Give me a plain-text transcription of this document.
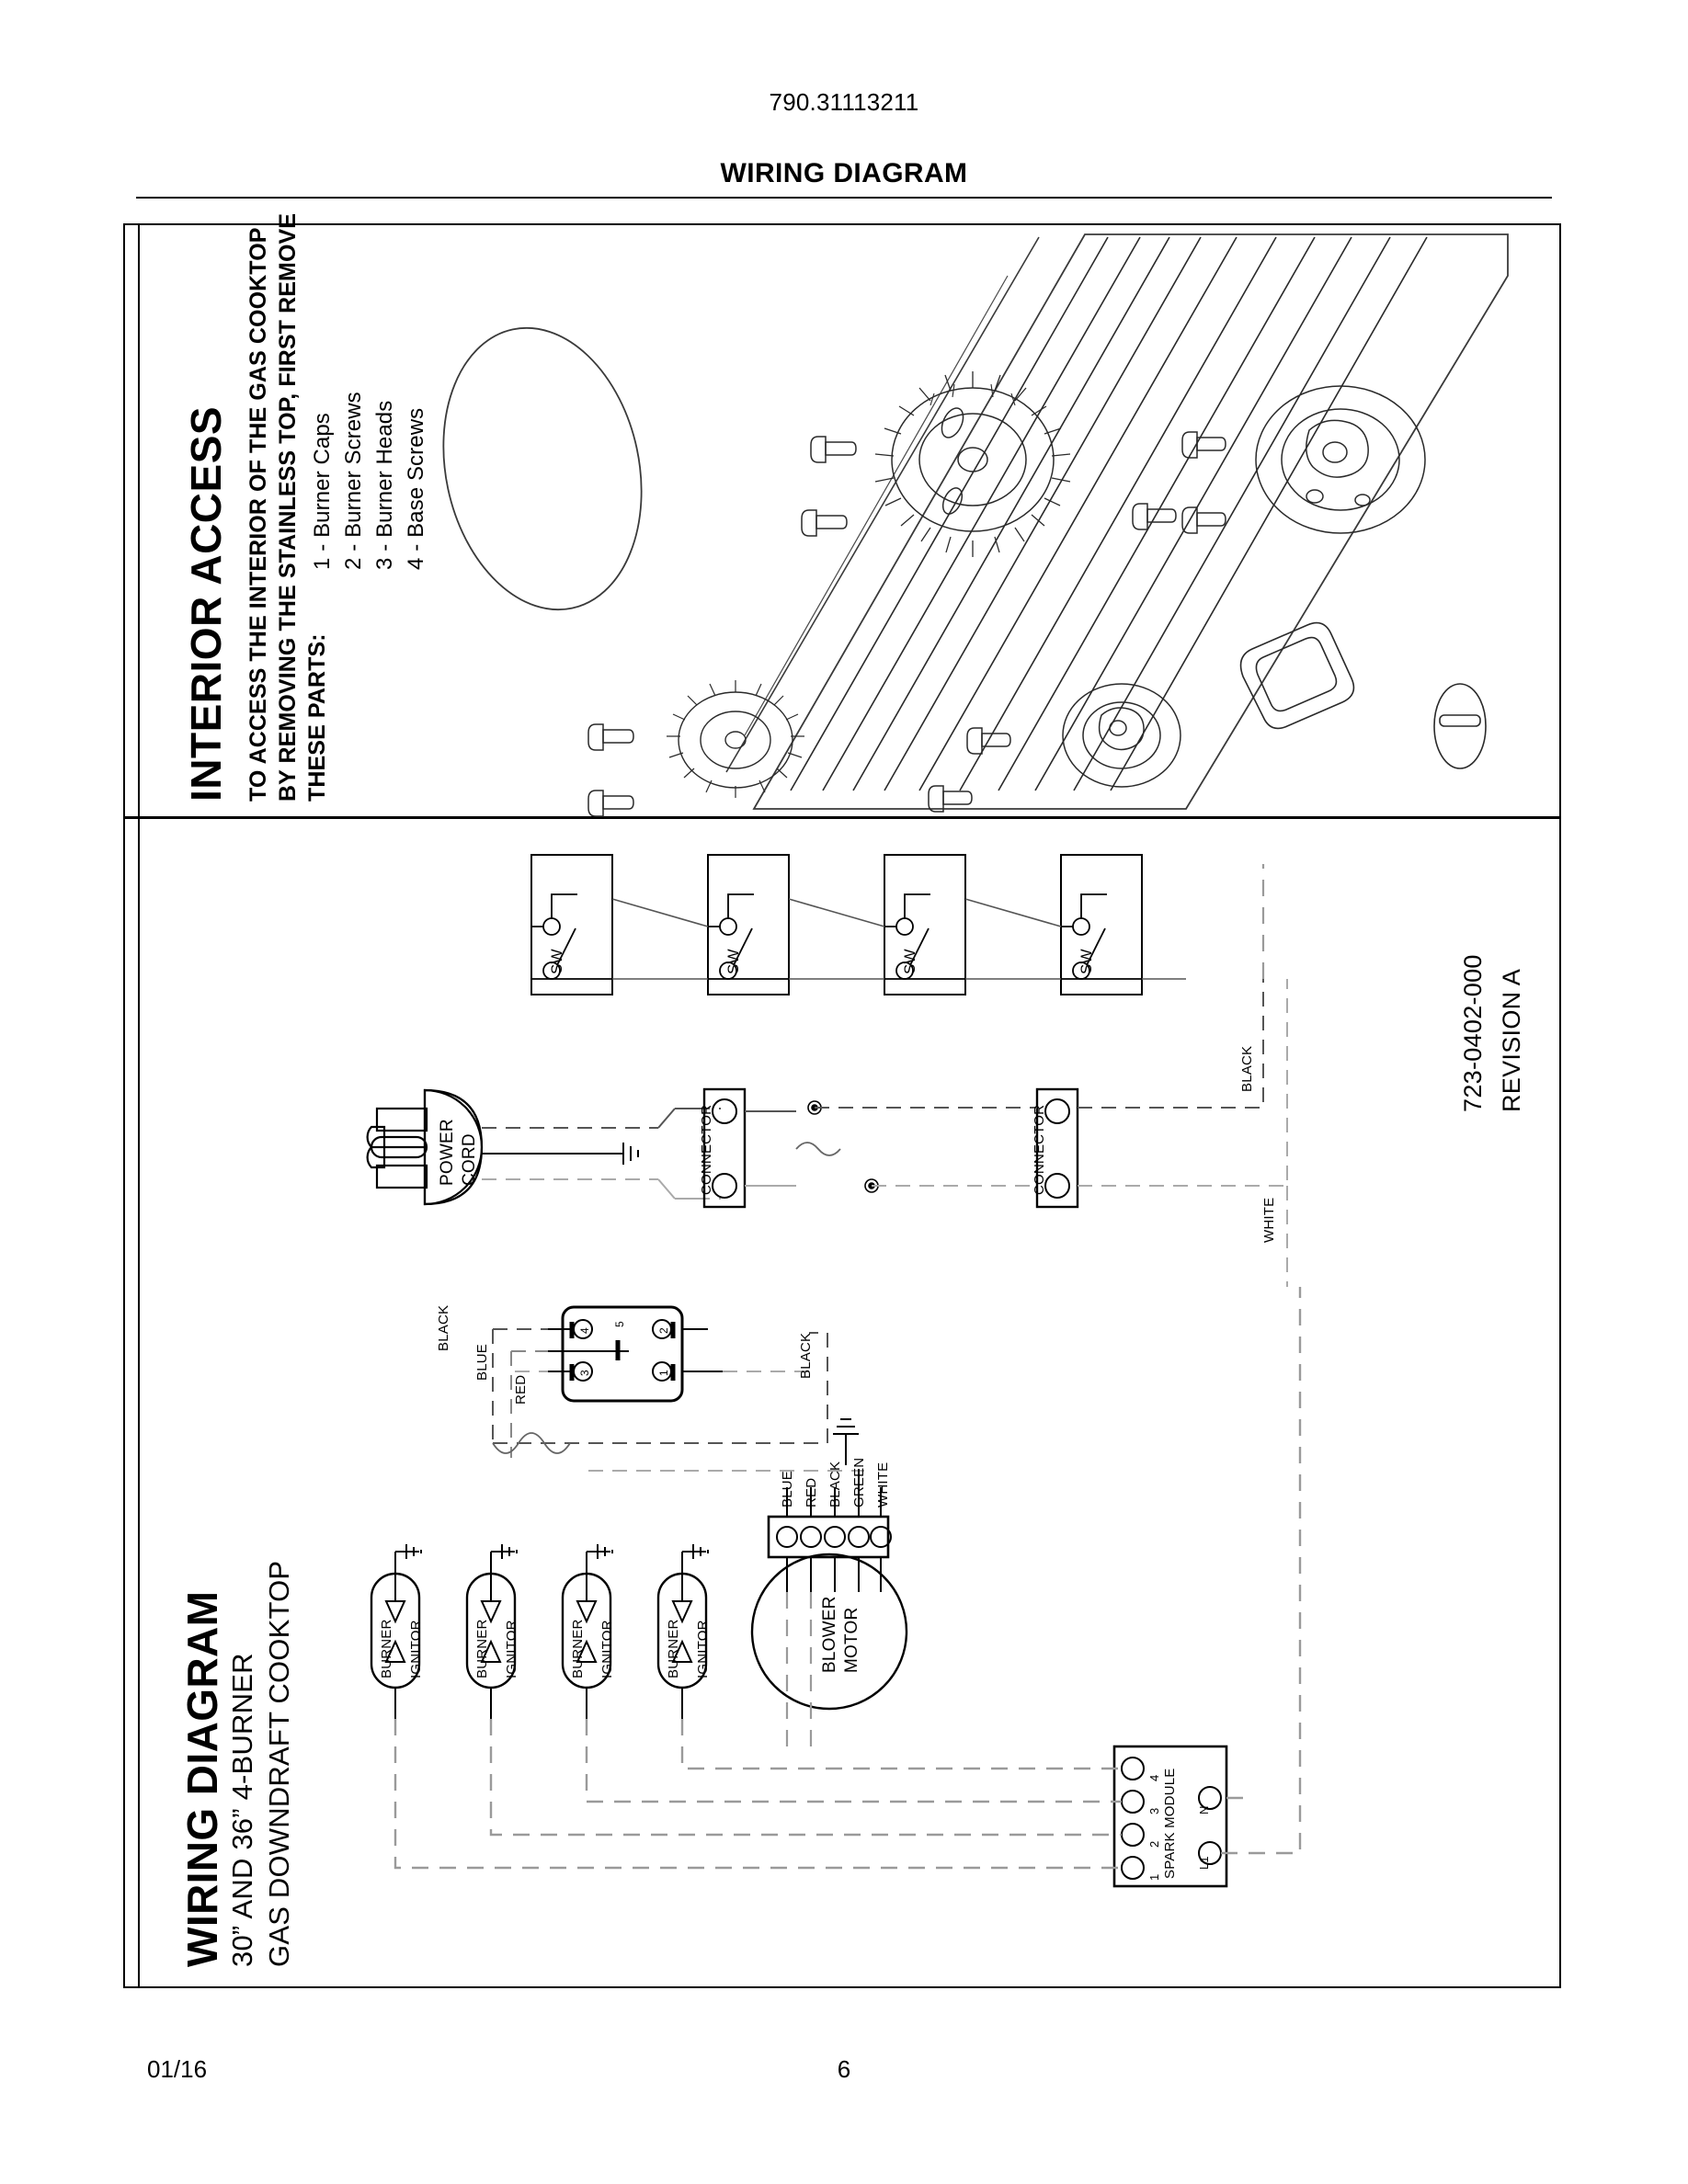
790.31113211
WIRING DIAGRAM
INTERIOR ACCESS TO ACCESS THE INTERIOR OF THE GAS COOKTOP BY REMOVING THE STAINLESS TOP, FIRST REMOVE THESE PARTS:
1 - Burner Caps 2 - Burner Screws 3 - Burner Heads 4 - Base Screws
WIRING DIAGRAM 30” AND 36” 4-BURNER GAS DOWNDRAFT COOKTOP
723-0402-000 REVISION A
4	2
3	1
5
SW	SW	SW	SW
POWER CORD	CONNECTOR	CONNECTOR
BLACK
BLUE
RED
BLUE RED BLACK GREEN WHITE
BLOWER MOTOR
BURNER IGNITOR	BURNER IGNITOR	BURNER IGNITOR	BURNER IGNITOR
SPARK MODULE
1
2
3
4
L1
N
BLACK
WHITE
BLACK
01/16	6
